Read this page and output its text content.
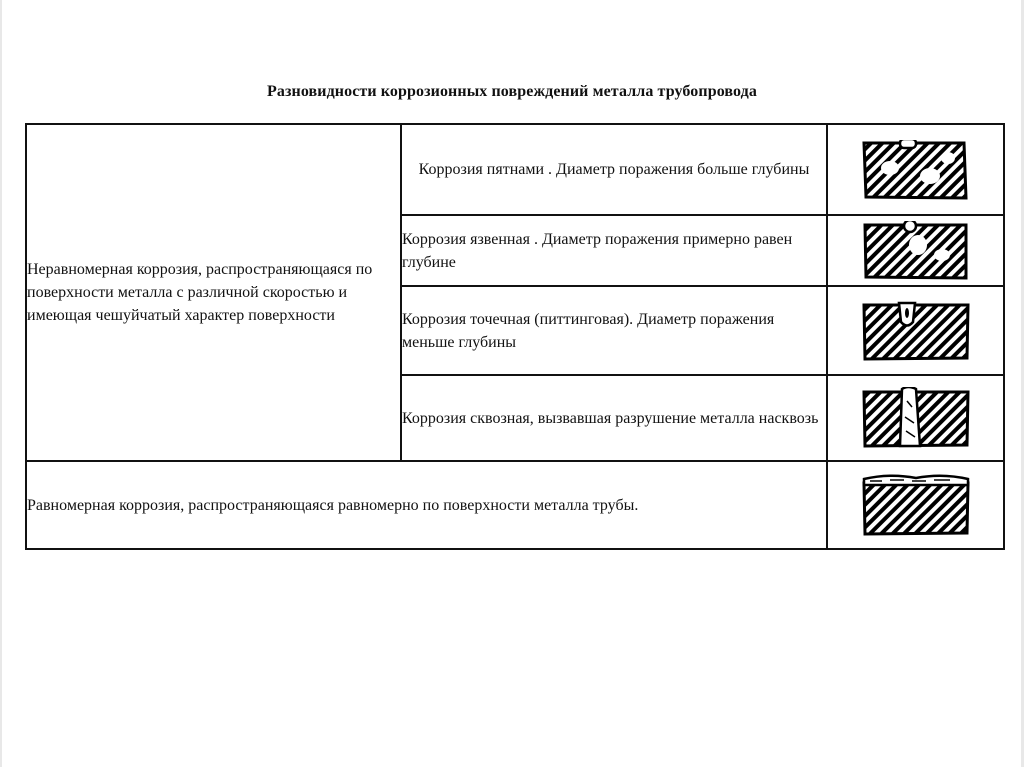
Разновидности коррозионных повреждений металла трубопровода
Неравномерная коррозия, распространяющаяся по поверхности металла с различной скоростью и имеющая чешуйчатый характер поверхности	Коррозия пятнами . Диаметр поражения больше глубины	

	Коррозия язвенная . Диаметр поражения примерно равен глубине	

	Коррозия точечная (питтинговая). Диаметр поражения меньше глубины	

	Коррозия сквозная, вызвавшая разрушение металла насквозь	

Равномерная коррозия, распространяющаяся равномерно по поверхности металла трубы.	
